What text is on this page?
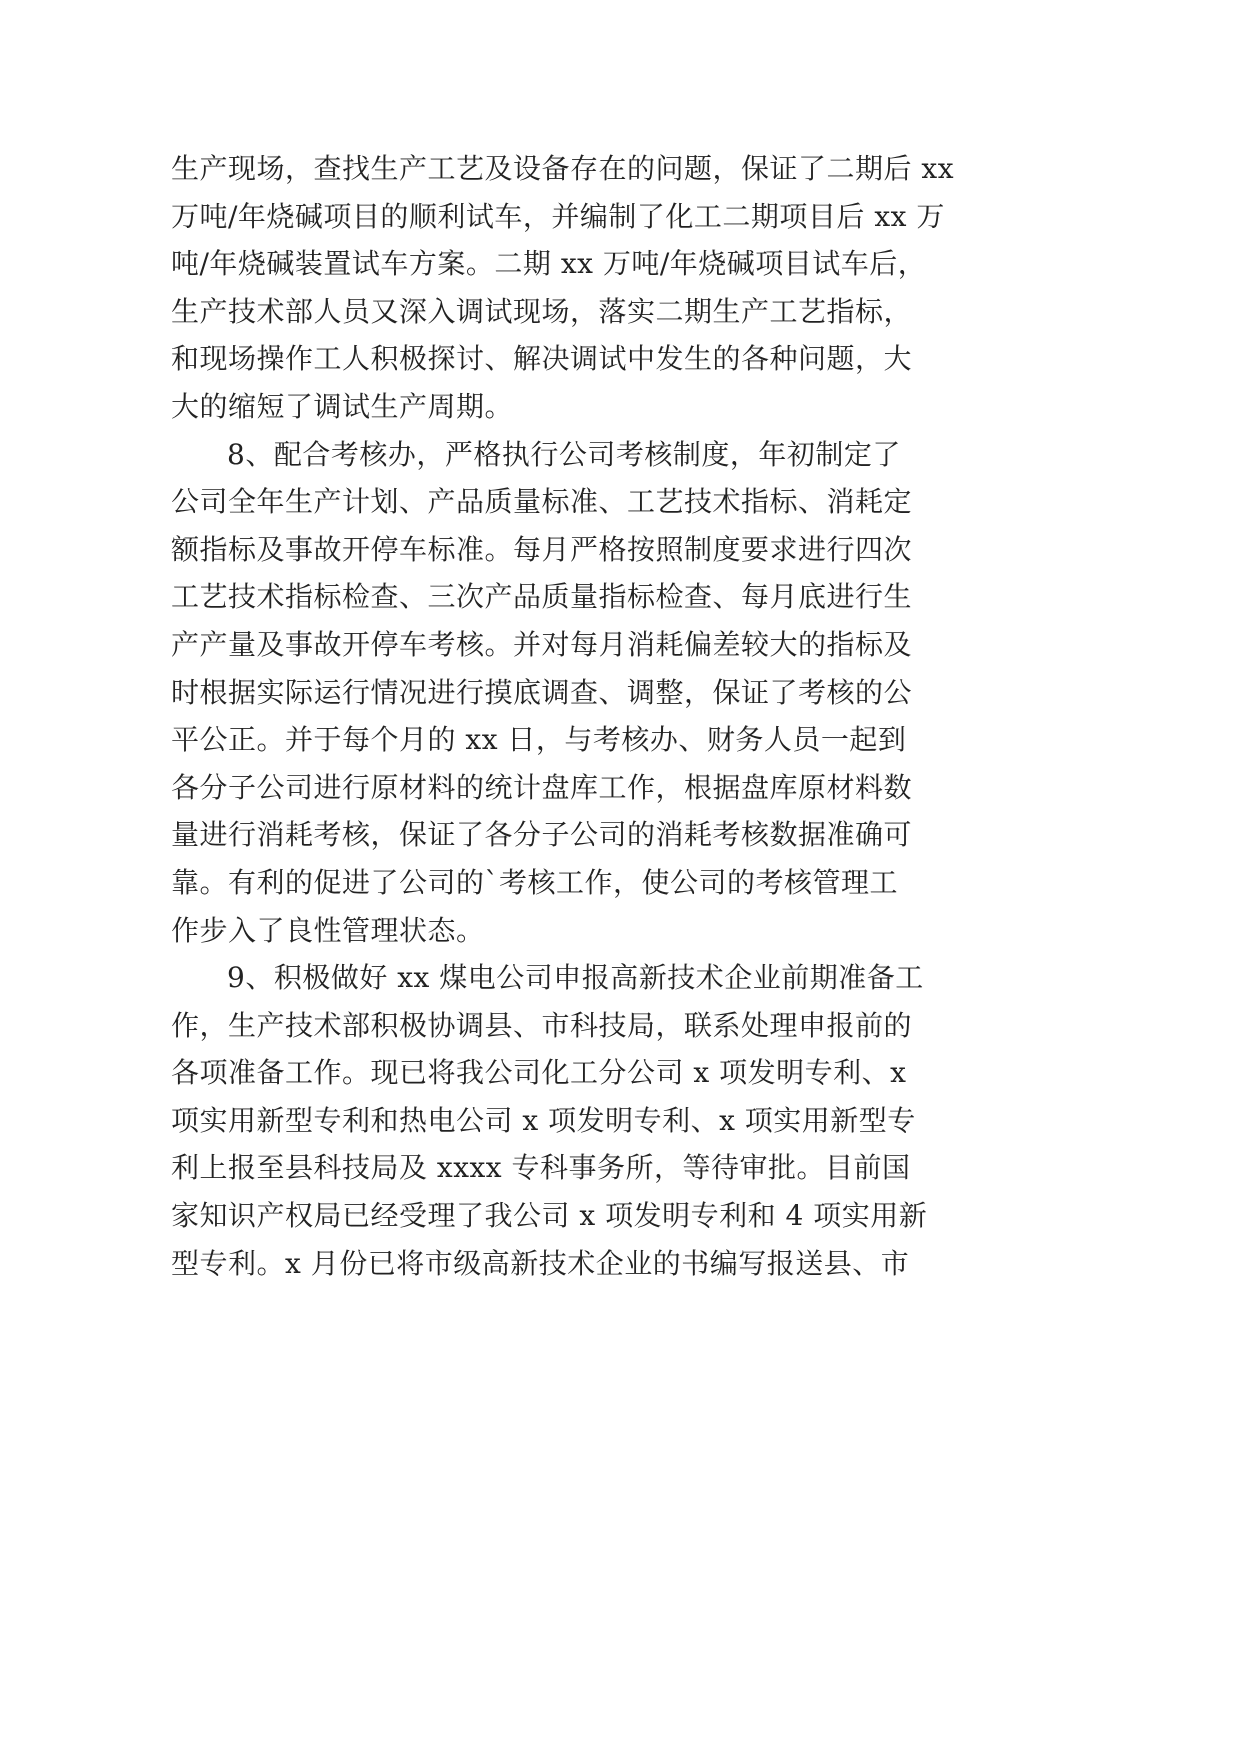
生产现场，查找生产工艺及设备存在的问题，保证了二期后 xx
万吨/年烧碱项目的顺利试车，并编制了化工二期项目后 xx 万
吨/年烧碱装置试车方案。二期 xx 万吨/年烧碱项目试车后，
生产技术部人员又深入调试现场，落实二期生产工艺指标，
和现场操作工人积极探讨、解决调试中发生的各种问题，大
大的缩短了调试生产周期。
8、配合考核办，严格执行公司考核制度，年初制定了
公司全年生产计划、产品质量标准、工艺技术指标、消耗定
额指标及事故开停车标准。每月严格按照制度要求进行四次
工艺技术指标检查、三次产品质量指标检查、每月底进行生
产产量及事故开停车考核。并对每月消耗偏差较大的指标及
时根据实际运行情况进行摸底调查、调整，保证了考核的公
平公正。并于每个月的 xx 日，与考核办、财务人员一起到
各分子公司进行原材料的统计盘库工作，根据盘库原材料数
量进行消耗考核，保证了各分子公司的消耗考核数据准确可
靠。有利的促进了公司的`考核工作，使公司的考核管理工
作步入了良性管理状态。
9、积极做好 xx 煤电公司申报高新技术企业前期准备工
作，生产技术部积极协调县、市科技局，联系处理申报前的
各项准备工作。现已将我公司化工分公司 x 项发明专利、x
项实用新型专利和热电公司 x 项发明专利、x 项实用新型专
利上报至县科技局及 xxxx 专科事务所，等待审批。目前国
家知识产权局已经受理了我公司 x 项发明专利和 4 项实用新
型专利。x 月份已将市级高新技术企业的书编写报送县、市
